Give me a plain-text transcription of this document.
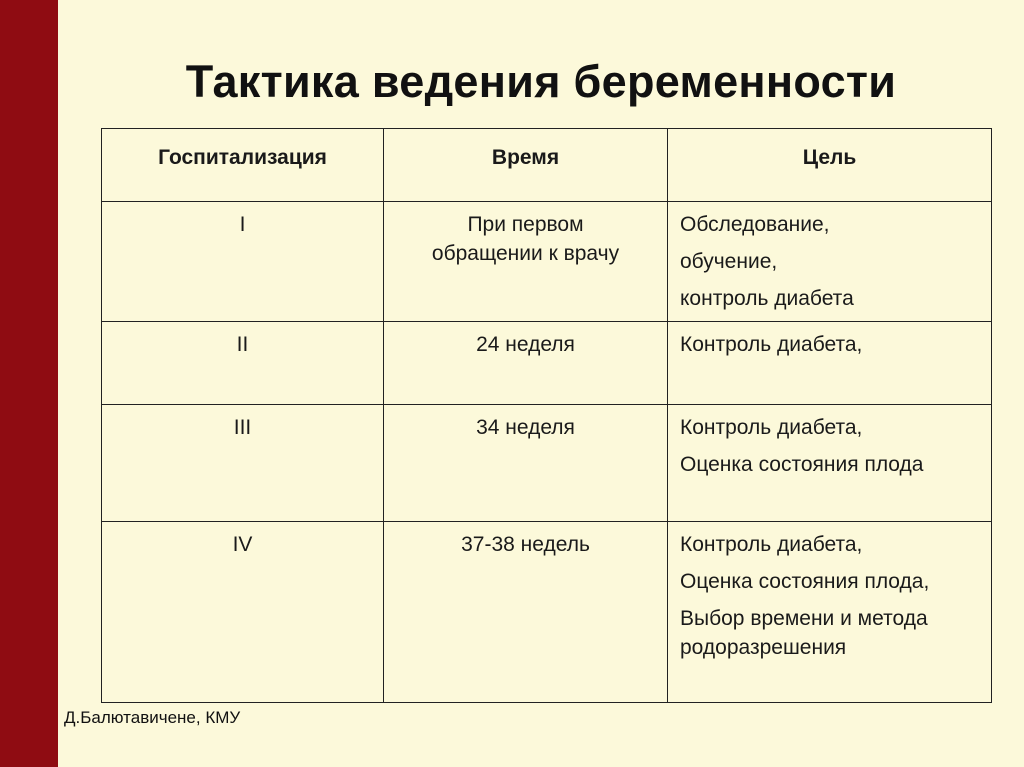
Тактика ведения беременности
Госпитализация	Время	Цель
I	При первом обращении к врачу	Обследование,
обучение,
контроль диабета

II	24 неделя	Контроль диабета,

III	34 неделя	Контроль диабета,
Оценка состояния плода

IV	37-38 недель	Контроль диабета,
Оценка состояния плода,
Выбор времени и метода родоразрешения
Д.Балютавичене, КМУ
